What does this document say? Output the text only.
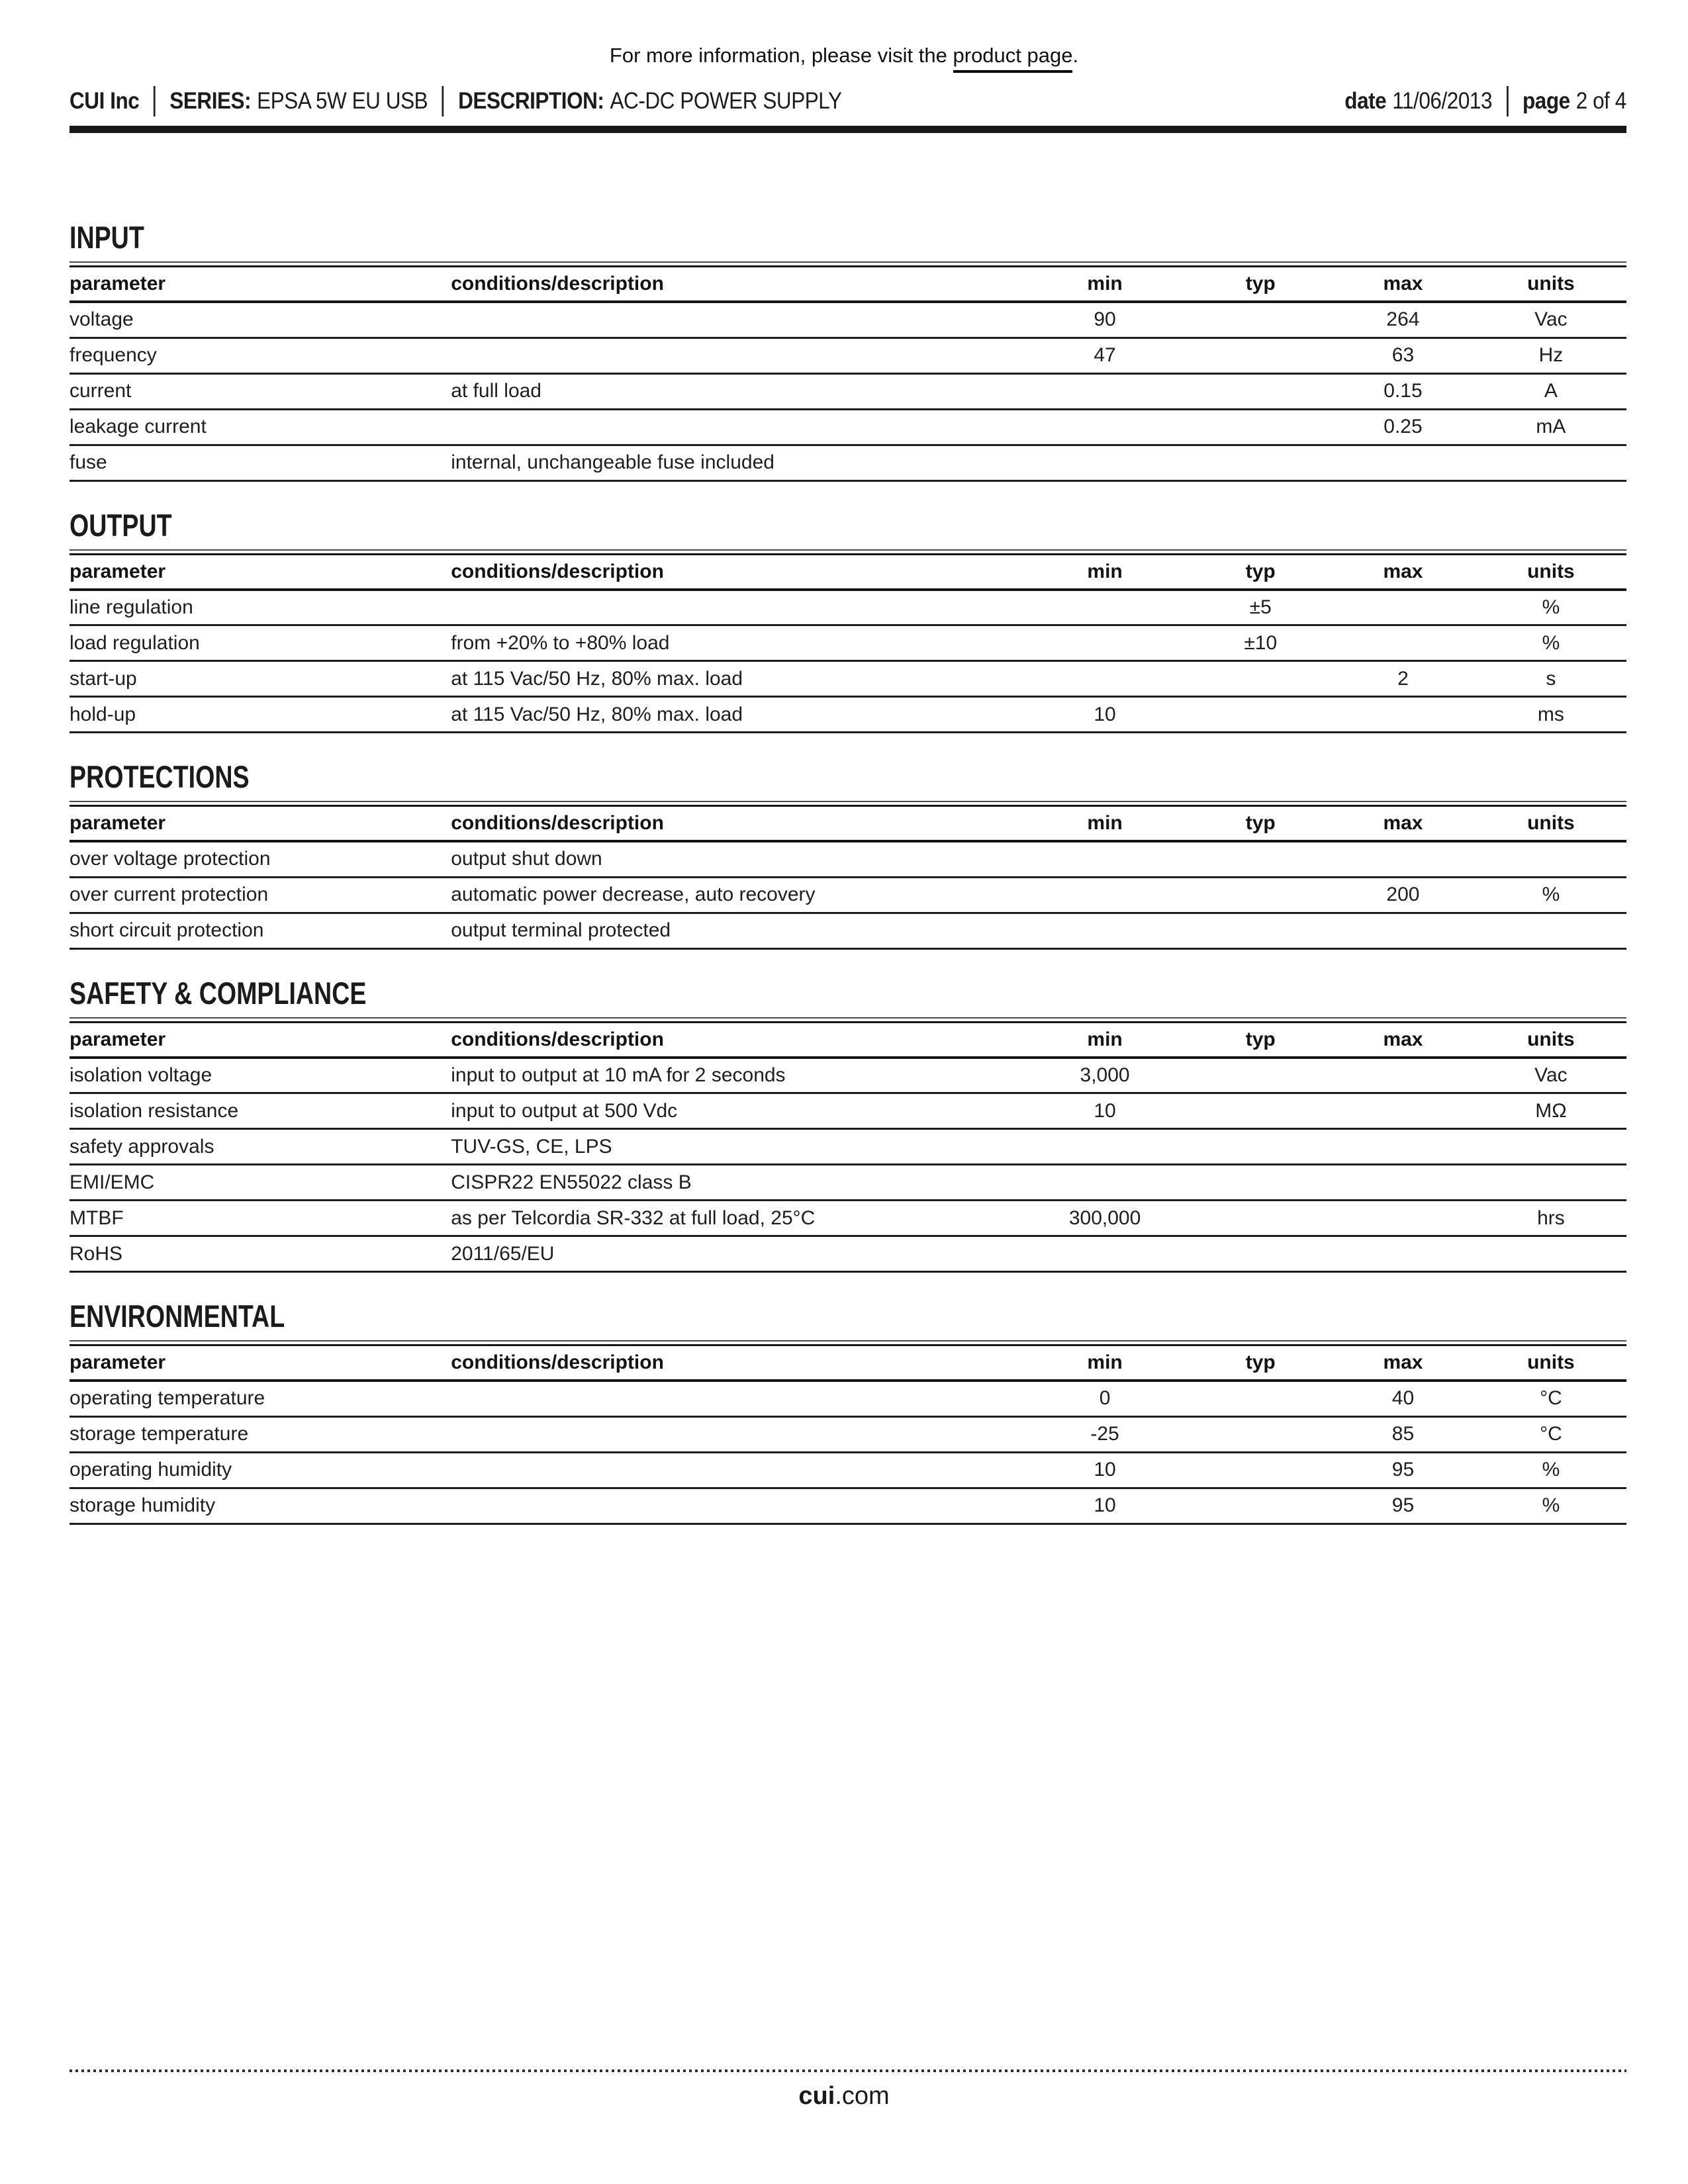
For more information, please visit the product page.
CUI Inc SERIES: EPSA 5W EU USB DESCRIPTION: AC-DC POWER SUPPLY	date 11/06/2013 page 2 of 4
INPUT
parameter	conditions/description	min	typ	max	units
voltage		90		264	Vac
frequency		47		63	Hz
current	at full load			0.15	A
leakage current				0.25	mA
fuse	internal, unchangeable fuse included				
OUTPUT
parameter	conditions/description	min	typ	max	units
line regulation			±5		%
load regulation	from +20% to +80% load		±10		%
start-up	at 115 Vac/50 Hz, 80% max. load			2	s
hold-up	at 115 Vac/50 Hz, 80% max. load	10			ms
PROTECTIONS
parameter	conditions/description	min	typ	max	units
over voltage protection	output shut down				
over current protection	automatic power decrease, auto recovery			200	%
short circuit protection	output terminal protected				
SAFETY & COMPLIANCE
parameter	conditions/description	min	typ	max	units
isolation voltage	input to output at 10 mA for 2 seconds	3,000			Vac
isolation resistance	input to output at 500 Vdc	10			MΩ
safety approvals	TUV-GS, CE, LPS				
EMI/EMC	CISPR22 EN55022 class B				
MTBF	as per Telcordia SR-332 at full load, 25°C	300,000			hrs
RoHS	2011/65/EU				
ENVIRONMENTAL
parameter	conditions/description	min	typ	max	units
operating temperature		0		40	°C
storage temperature		-25		85	°C
operating humidity		10		95	%
storage humidity		10		95	%
cui.com
